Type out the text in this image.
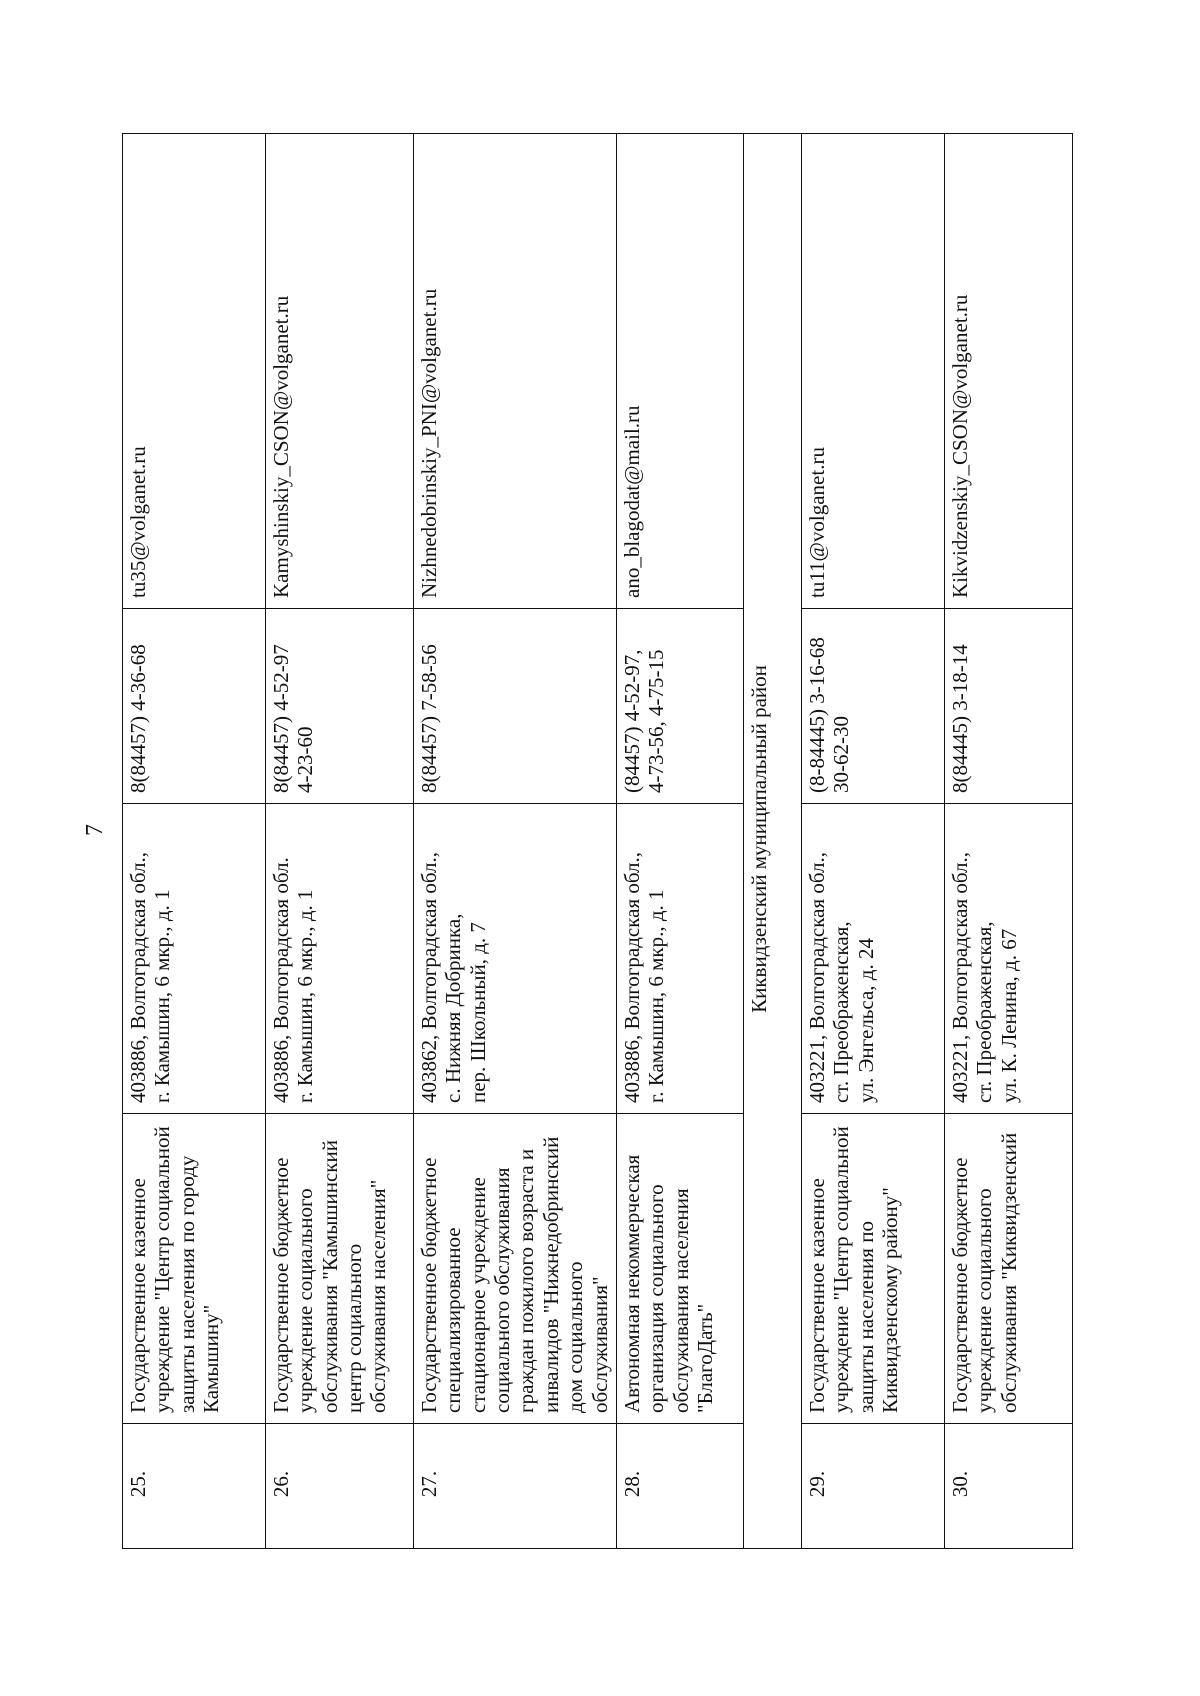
7
25.	Государственное казенное учреждение "Центр социальной защиты населения по городу Камышину"	403886, Волгоградская обл.,
г. Камышин, 6 мкр., д. 1	8(84457) 4-36-68	tu35@volganet.ru
26.	Государственное бюджетное учреждение социального обслуживания "Камышинский центр социального обслуживания населения"	403886, Волгоградская обл.
г. Камышин, 6 мкр., д. 1	8(84457) 4-52-97
4-23-60	Kamyshinskiy_CSON@volganet.ru
27.	Государственное бюджетное специализированное стационарное учреждение социального обслуживания граждан пожилого возраста и инвалидов "Нижнедобринский дом социального обслуживания"	403862, Волгоградская обл.,
с. Нижняя Добринка,
пер. Школьный, д. 7	8(84457) 7-58-56	Nizhnedobrinskiy_PNI@volganet.ru
28.	Автономная некоммерческая организация социального обслуживания населения "БлагоДать"	403886, Волгоградская обл.,
г. Камышин, 6 мкр., д. 1	(84457) 4-52-97,
4-73-56, 4-75-15	ano_blagodat@mail.ru
Киквидзенский муниципальный район				
29.	Государственное казенное учреждение "Центр социальной защиты населения по Киквидзенскому району"	403221, Волгоградская обл.,
ст. Преображенская,
ул. Энгельса, д. 24	(8-84445) 3-16-68
30-62-30	tu11@volganet.ru
30.	Государственное бюджетное учреждение социального обслуживания "Киквидзенский	403221, Волгоградская обл.,
ст. Преображенская,
ул. К. Ленина, д. 67	8(84445) 3-18-14	Kikvidzenskiy_CSON@volganet.ru
